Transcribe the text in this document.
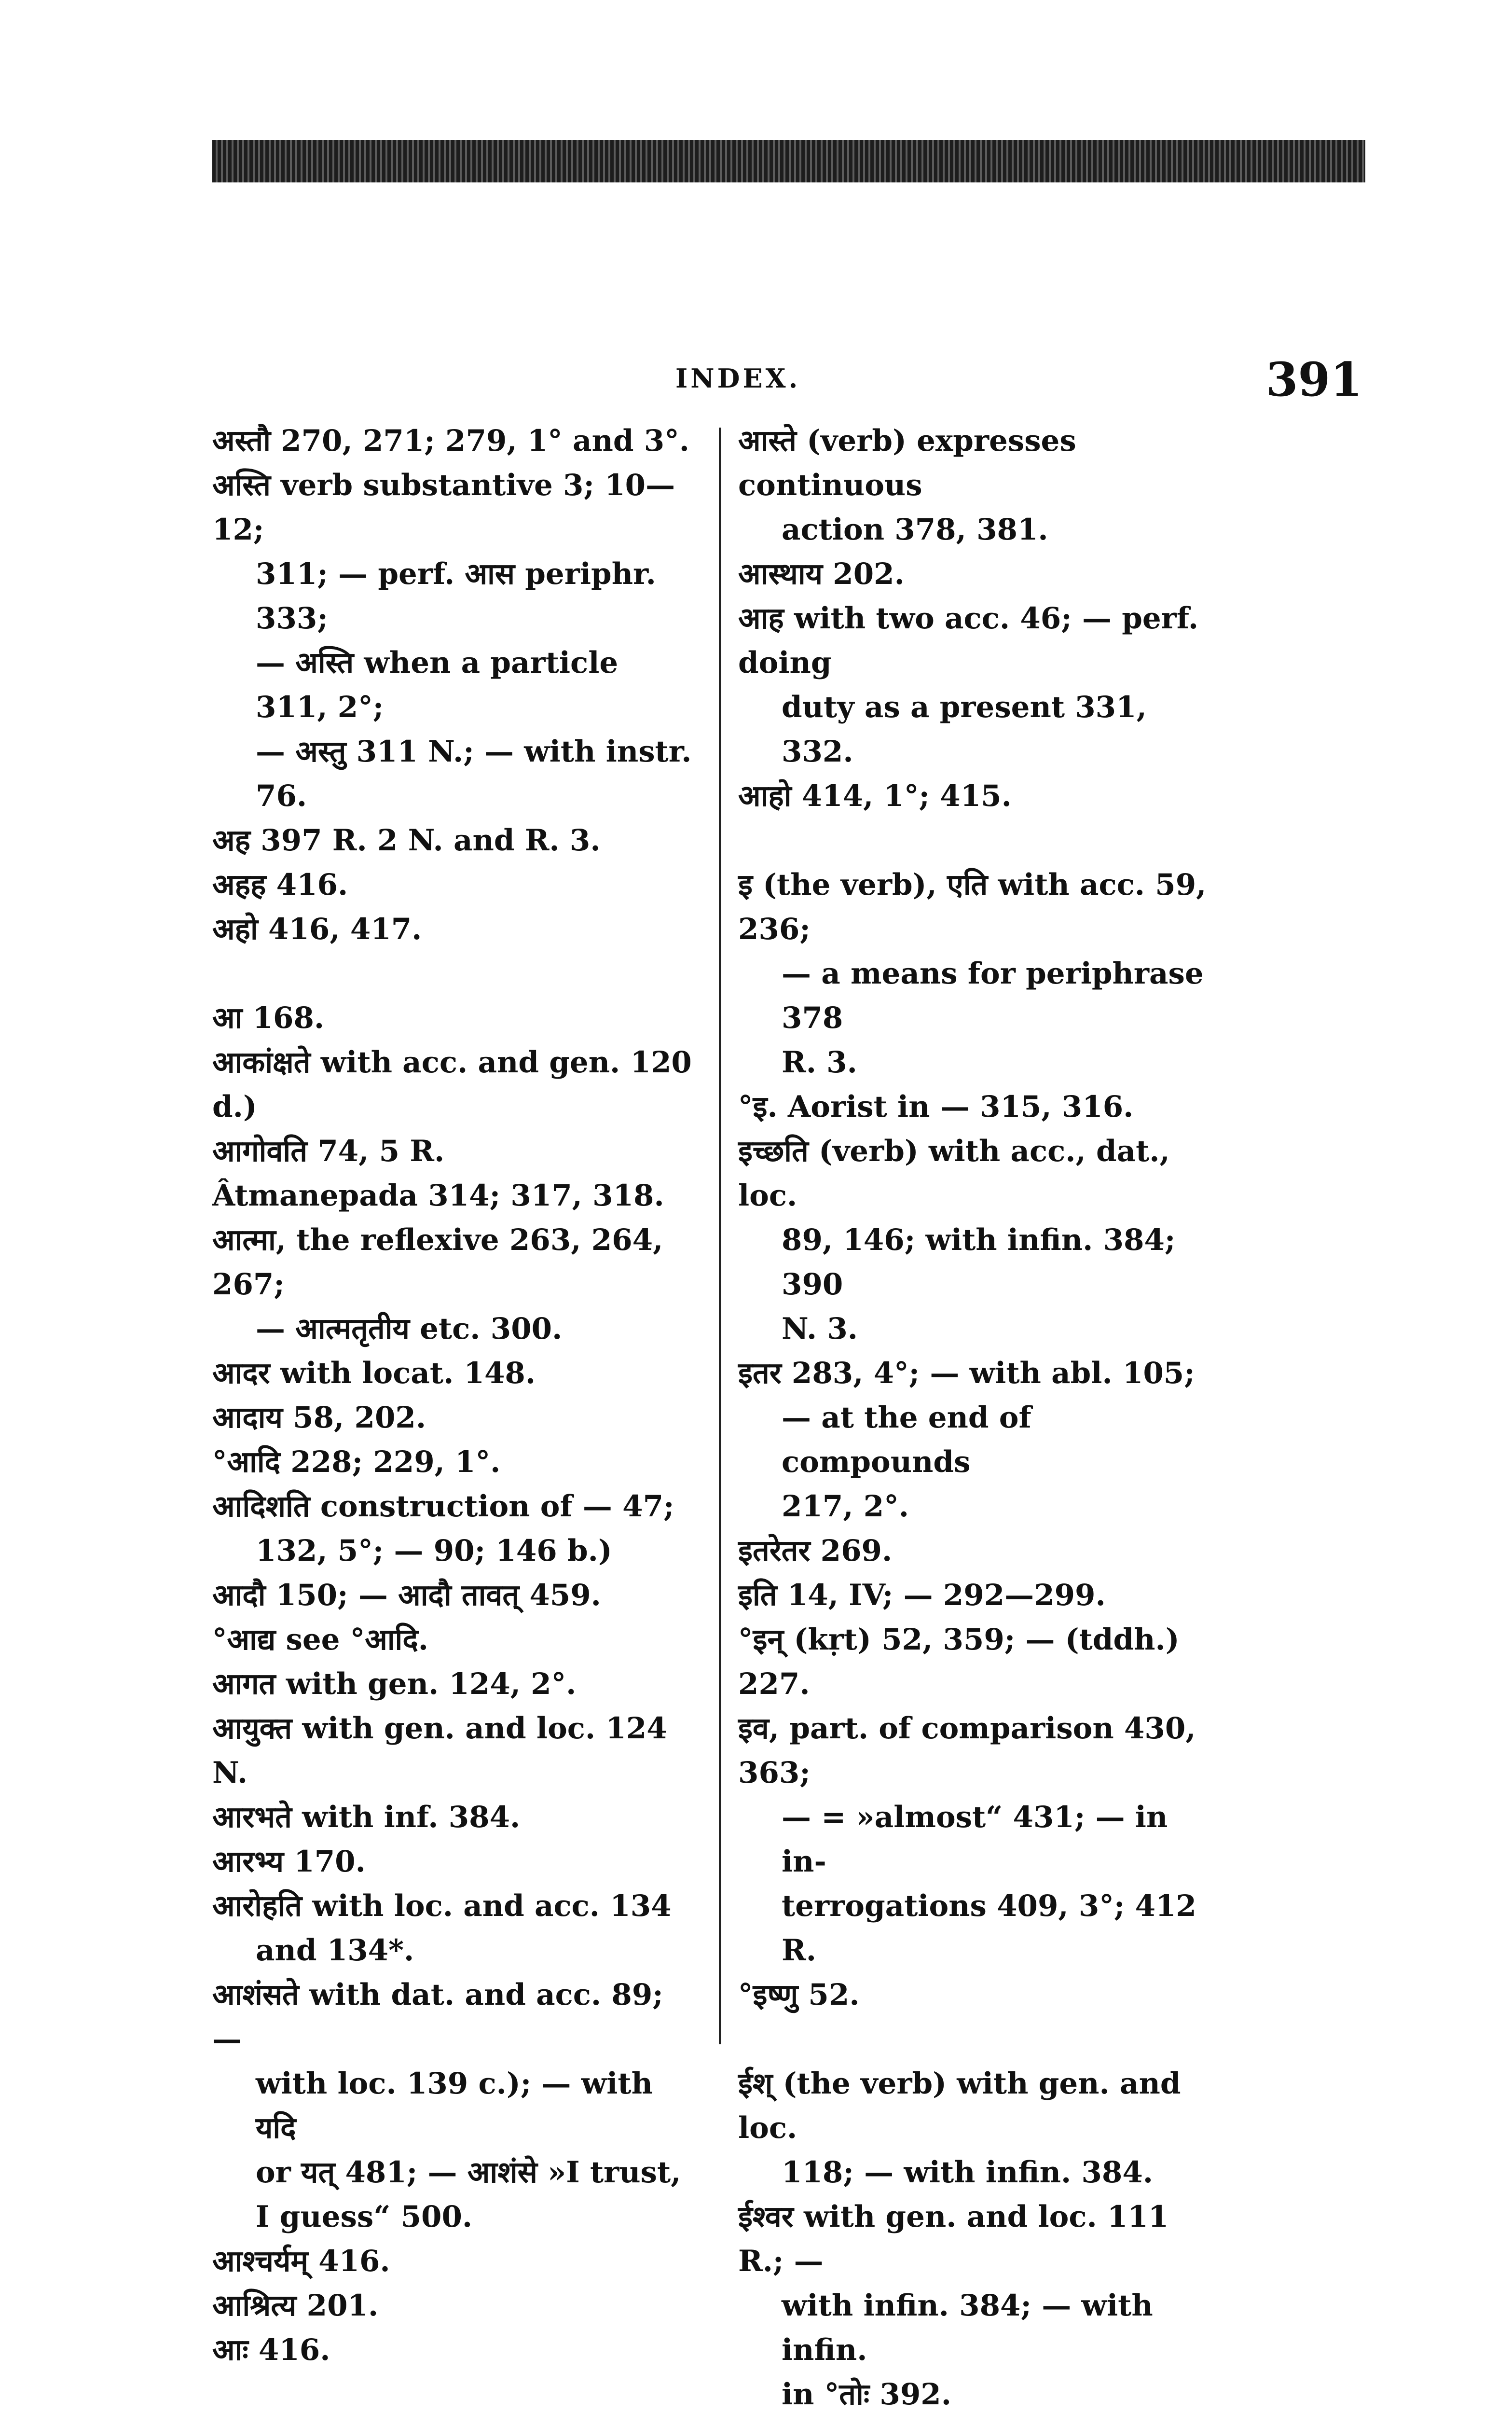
INDEX.	391
अस्तौ 270, 271; 279, 1° and 3°.
अस्ति verb substantive 3; 10—12;
311; — perf. आस periphr. 333;
— अस्ति when a particle 311, 2°;
— अस्तु 311 N.; — with instr.
76.
अह 397 R. 2 N. and R. 3.
अहह 416.
अहो 416, 417.
आ 168.
आकांक्षते with acc. and gen. 120 d.)
आगोवति 74, 5 R.
Âtmanepada 314; 317, 318.
आत्मा, the reflexive 263, 264, 267;
— आत्मतृतीय etc. 300.
आदर with locat. 148.
आदाय 58, 202.
°आदि 228; 229, 1°.
आदिशति construction of — 47;
132, 5°; — 90; 146 b.)
आदौ 150; — आदौ तावत् 459.
°आद्य see °आदि.
आगत with gen. 124, 2°.
आयुक्त with gen. and loc. 124 N.
आरभते with inf. 384.
आरभ्य 170.
आरोहति with loc. and acc. 134
and 134*.
आशंसते with dat. and acc. 89; —
with loc. 139 c.); — with यदि
or यत् 481; — आशंसे »I trust,
I guess“ 500.
आश्चर्यम् 416.
आश्रित्य 201.
आः 416.
आस्ते (verb) expresses continuous
action 378, 381.
आस्थाय 202.
आह with two acc. 46; — perf. doing
duty as a present 331, 332.
आहो 414, 1°; 415.
इ (the verb), एति with acc. 59, 236;
— a means for periphrase 378
R. 3.
°इ. Aorist in — 315, 316.
इच्छति (verb) with acc., dat., loc.
89, 146; with infin. 384; 390
N. 3.
इतर 283, 4°; — with abl. 105;
— at the end of compounds
217, 2°.
इतरेतर 269.
इति 14, IV; — 292—299.
°इन् (kṛt) 52, 359; — (tddh.) 227.
इव, part. of comparison 430, 363;
— = »almost“ 431; — in in-
terrogations 409, 3°; 412 R.
°इष्णु 52.
ईश् (the verb) with gen. and loc.
118; — with infin. 384.
ईश्वर with gen. and loc. 111 R.; —
with infin. 384; — with infin.
in °तोः 392.
